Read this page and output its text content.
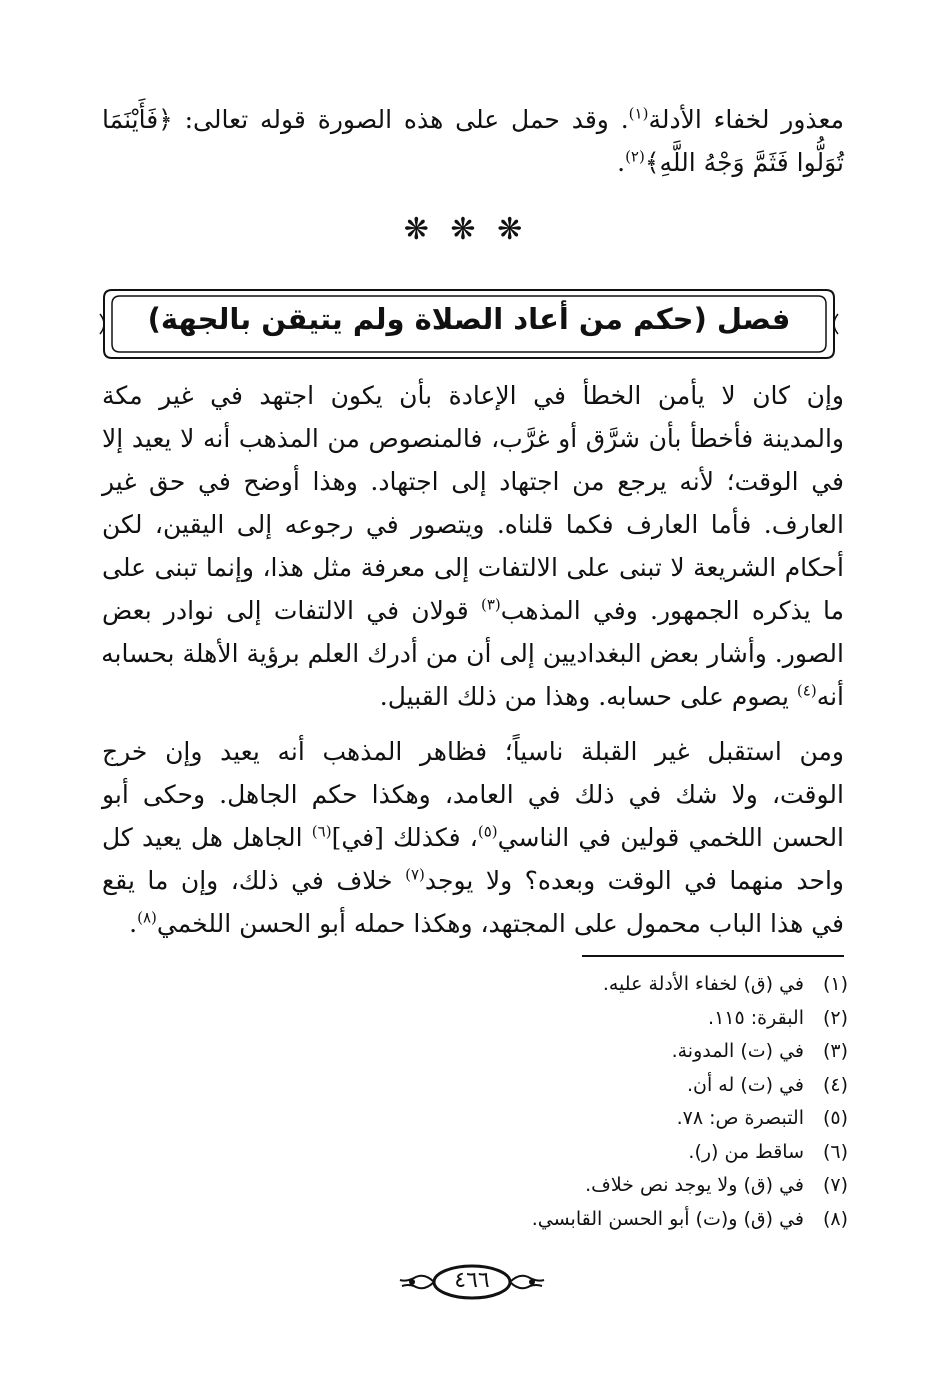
معذور لخفاء الأدلة$^{(١)}$. وقد حمل على هذه الصورة قوله تعالى: ﴿فَأَيْنَمَا
تُوَلُّوا فَثَمَّ وَجْهُ اللَّهِ﴾$^{(٢)}$.
❋ ❋ ❋
فصل (حكم من أعاد الصلاة ولم يتيقن بالجهة)
وإن كان لا يأمن الخطأ في الإعادة بأن يكون اجتهد في غير مكة
والمدينة فأخطأ بأن شرَّق أو غرَّب، فالمنصوص من المذهب أنه لا يعيد إلا
في الوقت؛ لأنه يرجع من اجتهاد إلى اجتهاد. وهذا أوضح في حق غير
العارف. فأما العارف فكما قلناه. ويتصور في رجوعه إلى اليقين، لكن
أحكام الشريعة لا تبنى على الالتفات إلى معرفة مثل هذا، وإنما تبنى على
ما يذكره الجمهور. وفي المذهب$^{(٣)}$ قولان في الالتفات إلى نوادر بعض
الصور. وأشار بعض البغداديين إلى أن من أدرك العلم برؤية الأهلة بحسابه
أنه$^{(٤)}$ يصوم على حسابه. وهذا من ذلك القبيل.
ومن استقبل غير القبلة ناسياً؛ فظاهر المذهب أنه يعيد وإن خرج
الوقت، ولا شك في ذلك في العامد، وهكذا حكم الجاهل. وحكى أبو
الحسن اللخمي قولين في الناسي$^{(٥)}$، فكذلك [في]$^{(٦)}$ الجاهل هل يعيد كل
واحد منهما في الوقت وبعده؟ ولا يوجد$^{(٧)}$ خلاف في ذلك، وإن ما يقع
في هذا الباب محمول على المجتهد، وهكذا حمله أبو الحسن اللخمي$^{(٨)}$.
(١)
في (ق) لخفاء الأدلة عليه.
(٢)
البقرة: ١١٥.
(٣)
في (ت) المدونة.
(٤)
في (ت) له أن.
(٥)
التبصرة ص: ٧٨.
(٦)
ساقط من (ر).
(٧)
في (ق) ولا يوجد نص خلاف.
(٨)
في (ق) و(ت) أبو الحسن القابسي.
٤٦٦
